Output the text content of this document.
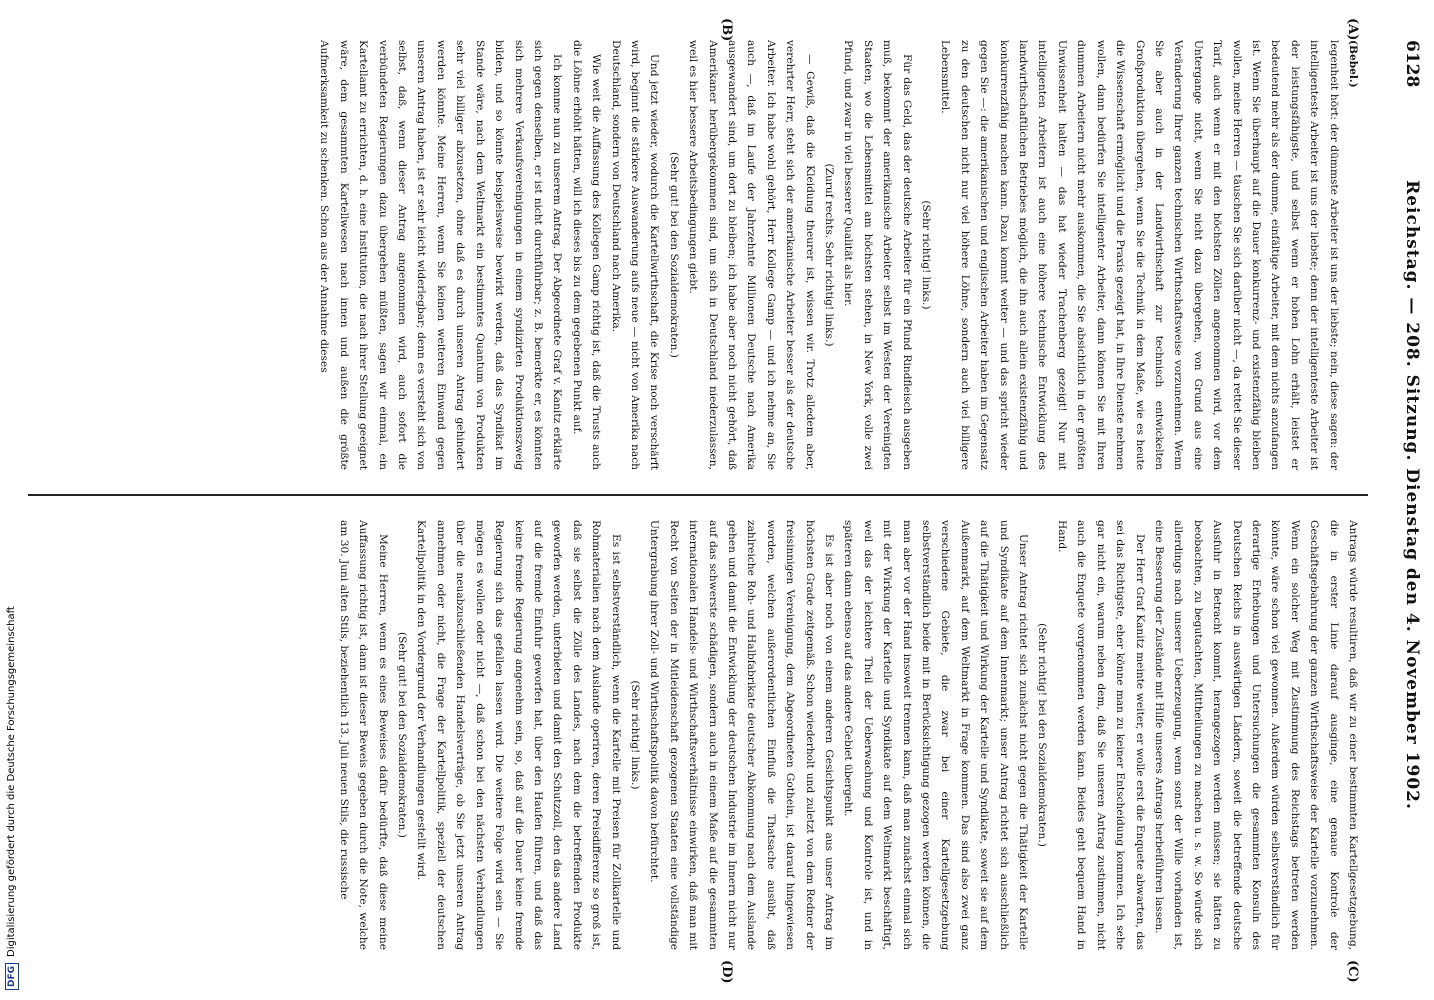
6128
Reichstag. — 208. Sitzung. Dienstag den 4. November 1902.
(A)
(B)
(C)
(D)

(Bebel.)

legenheit hört: der dümmste Arbeiter ist uns der liebste; nein, diese sagen: der intelligenteste Arbeiter ist uns der liebste; denn der intelligenteste Arbeiter ist der leistungsfähigste, und selbst wenn er hohen Lohn erhält, leistet er bedeutend mehr als der dumme, einfältige Arbeiter, mit dem nichts anzufangen ist. Wenn Sie überhaupt auf die Dauer konkurrenz- und existenzfähig bleiben wollen, meine Herren — täuschen Sie sich darüber nicht —, da rettet Sie dieser Tarif, auch wenn er mit den höchsten Zöllen angenommen wird, vor dem Untergange nicht, wenn Sie nicht dazu übergehen, von Grund aus eine Veränderung Ihrer ganzen technischen Wirthschaftsweise vorzunehmen. Wenn Sie aber auch in der Landwirthschaft zur technisch entwickelten Großproduktion übergehen, wenn Sie die Technik in dem Maße, wie es heute die Wissenschaft ermöglicht und die Praxis gezeigt hat, in Ihre Dienste nehmen wollen, dann bedürfen Sie intelligenter Arbeiter, dann können Sie mit Ihren dummen Arbeitern nicht mehr auskommen, die Sie absichtlich in der größten Unwissenheit halten — das hat wieder Trachenberg gezeigt! Nur mit intelligenten Arbeitern ist auch eine höhere technische Entwicklung des landwirthschaftlichen Betriebes möglich, die ihn auch allein existenzfähig und konkurrenzfähig machen kann. Dazu kommt weiter — und das spricht wieder gegen Sie —: die amerikanischen und englischen Arbeiter haben im Gegensatz zu den deutschen nicht nur viel höhere Löhne, sondern auch viel billigere Lebensmittel.

(Sehr richtig! links.)

Für das Geld, das der deutsche Arbeiter für ein Pfund Rindfleisch ausgeben muß, bekommt der amerikanische Arbeiter selbst im Westen der Vereinigten Staaten, wo die Lebensmittel am höchsten stehen, in New York, volle zwei Pfund, und zwar in viel besserer Qualität als hier.

(Zuruf rechts. Sehr richtig! links.)

— Gewiß, daß die Kleidung theurer ist, wissen wir. Trotz alledem aber, verehrter Herr, steht sich der amerikanische Arbeiter besser als der deutsche Arbeiter. Ich habe wohl gehört, Herr Kollege Gamp — und ich nehme an, Sie auch —, daß im Laufe der Jahrzehnte Millionen Deutsche nach Amerika ausgewandert sind, um dort zu bleiben; ich habe aber noch nicht gehört, daß Amerikaner herübergekommen sind, um sich in Deutschland niederzulassen, weil es hier bessere Arbeitsbedingungen giebt.

(Sehr gut! bei den Sozialdemokraten.)

Und jetzt wieder, wodurch die Kartellwirthschaft, die Krise noch verschärft wird, beginnt die stärkere Auswanderung aufs neue — nicht von Amerika nach Deutschland, sondern von Deutschland nach Amerika.

Wie weit die Auffassung des Kollegen Gamp richtig ist, daß die Trusts auch die Löhne erhöht hätten, will ich dieses bis zu dem gegebenen Punkt auf.

Ich komme nun zu unserem Antrag. Der Abgeordnete Graf v. Kanitz erklärte sich gegen denselben, er ist nicht durchführbar; z. B. bemerkte er, es könnten sich mehrere Verkaufsvereinigungen in einem syndizirten Produktionszweig bilden, und so könnte beispielsweise bewirkt werden, daß das Syndikat im Stande wäre, nach dem Weltmarkt ein bestimmtes Quantum von Produkten sehr viel billiger abzusetzen, ohne daß es durch unseren Antrag gehindert werden könnte. Meine Herren, wenn Sie keinen weiteren Einwand gegen unseren Antrag haben, ist er sehr leicht widerlegbar; denn es versteht sich von selbst, daß, wenn dieser Antrag angenommen wird, auch sofort die verbündeten Regierungen dazu übergehen müßten, sagen wir einmal, ein Kartellamt zu errichten, d. h. eine Institution, die nach ihrer Stellung geeignet wäre, dem gesammten Kartellwesen nach innen und außen die größte Aufmerksamkeit zu schenken. Schon aus der Annahme dieses

Antrags würde resultiren, daß wir zu einer bestimmten Kartellgesetzgebung, die in erster Linie darauf ausginge, eine genaue Kontrole der Geschäftsgebahrung der ganzen Wirthschaftsweise der Kartelle vorzunehmen. Wenn ein solcher Weg mit Zustimmung des Reichstags betreten werden könnte, wäre schon viel gewonnen. Außerdem würden selbstverständlich für derartige Erhebungen und Untersuchungen die gesammten Konsuln des Deutschen Reichs in auswärtigen Ländern, soweit die betreffende deutsche Ausfuhr in Betracht kommt, herangezogen werden müssen; sie hätten zu beobachten, zu begutachten, Mittheilungen zu machen u. s. w. So würde sich allerdings nach unserer Ueberzeugung, wenn sonst der Wille vorhanden ist, eine Besserung der Zustände mit Hilfe unseres Antrags herbeiführen lassen.

Der Herr Graf Kanitz meinte weiter, er wolle erst die Enquete abwarten, das sei das Richtigste, eher könne man zu keiner Entscheidung kommen. Ich sehe gar nicht ein, warum neben dem, daß Sie unseren Antrag zustimmen, nicht auch die Enquete vorgenommen werden kann. Beides geht bequem Hand in Hand.

(Sehr richtig! bei den Sozialdemokraten.)

Unser Antrag richtet sich zunächst nicht gegen die Thätigkeit der Kartelle und Syndikate auf dem Innenmarkt; unser Antrag richtet sich ausschließlich auf die Thätigkeit und Wirkung der Kartelle und Syndikate, soweit sie auf dem Außenmarkt, auf dem Weltmarkt in Frage kommen. Das sind also zwei ganz verschiedene Gebiete, die zwar bei einer Kartellgesetzgebung selbstverständlich beide mit in Berücksichtigung gezogen werden können, die man aber vor der Hand insoweit trennen kann, daß man zunächst einmal sich mit der Wirkung der Kartelle und Syndikate auf dem Weltmarkt beschäftigt, weil das der leichtere Theil der Ueberwachung und Kontrole ist, und in späteren dann ebenso auf das andere Gebiet übergeht.

Es ist aber noch von einem anderen Gesichtspunkt aus unser Antrag im höchsten Grade zeitgemäß. Schon wiederholt und zuletzt von dem Redner der freisinnigen Vereinigung, dem Abgeordneten Gothein, ist darauf hingewiesen worden, welchen außerordentlichen Einfluß die Thatsache ausübt, daß zahlreiche Roh- und Halbfabrikate deutscher Abkommung nach dem Auslande gehen und damit die Entwicklung der deutschen Industrie im Innern nicht nur auf das schwerste schädigen, sondern auch in einem Maße auf die gesammten internationalen Handels- und Wirthschaftsverhältnisse einwirken, daß man mit Recht von Seiten der in Mitleidenschaft gezogenen Staaten eine vollständige Untergrabung ihrer Zoll- und Wirthschaftspolitik davon befürchtet.

(Sehr richtig! links.)

Es ist selbstverständlich, wenn die Kartelle mit Preisen für Zollkartelle und Rohmaterialien nach dem Auslande operiren, deren Preisdifferenz so groß ist, daß sie selbst die Zölle des Landes, nach dem die betreffenden Produkte geworfen werden, unterbieten und damit den Schutzzoll, den das andere Land auf die fremde Einfuhr geworfen hat, über den Haufen führen, und daß das keine fremde Regierung angenehm sein, so, daß auf die Dauer keine fremde Regierung sich das gefallen lassen wird. Die weitere Folge wird sein — Sie mögen es wollen oder nicht —, daß schon bei den nächsten Verhandlungen über die neuabzuschließenden Handelsverträge, ob Sie jetzt unseren Antrag annehmen oder nicht, die Frage der Kartellpolitik, speziell der deutschen Kartellpolitik in den Vordergrund der Verhandlungen gestellt wird.

(Sehr gut! bei den Sozialdemokraten.)

Meine Herren, wenn es eines Beweises dafür bedürfte, daß diese meine Auffassung richtig ist, dann ist dieser Beweis gegeben durch die Note, welche am 30. Juni alten Stils, beziehentlich 13. Juli neuen Stils, die russische

DFGDigitalisierung gefördert durch die Deutsche Forschungsgemeinschaft
